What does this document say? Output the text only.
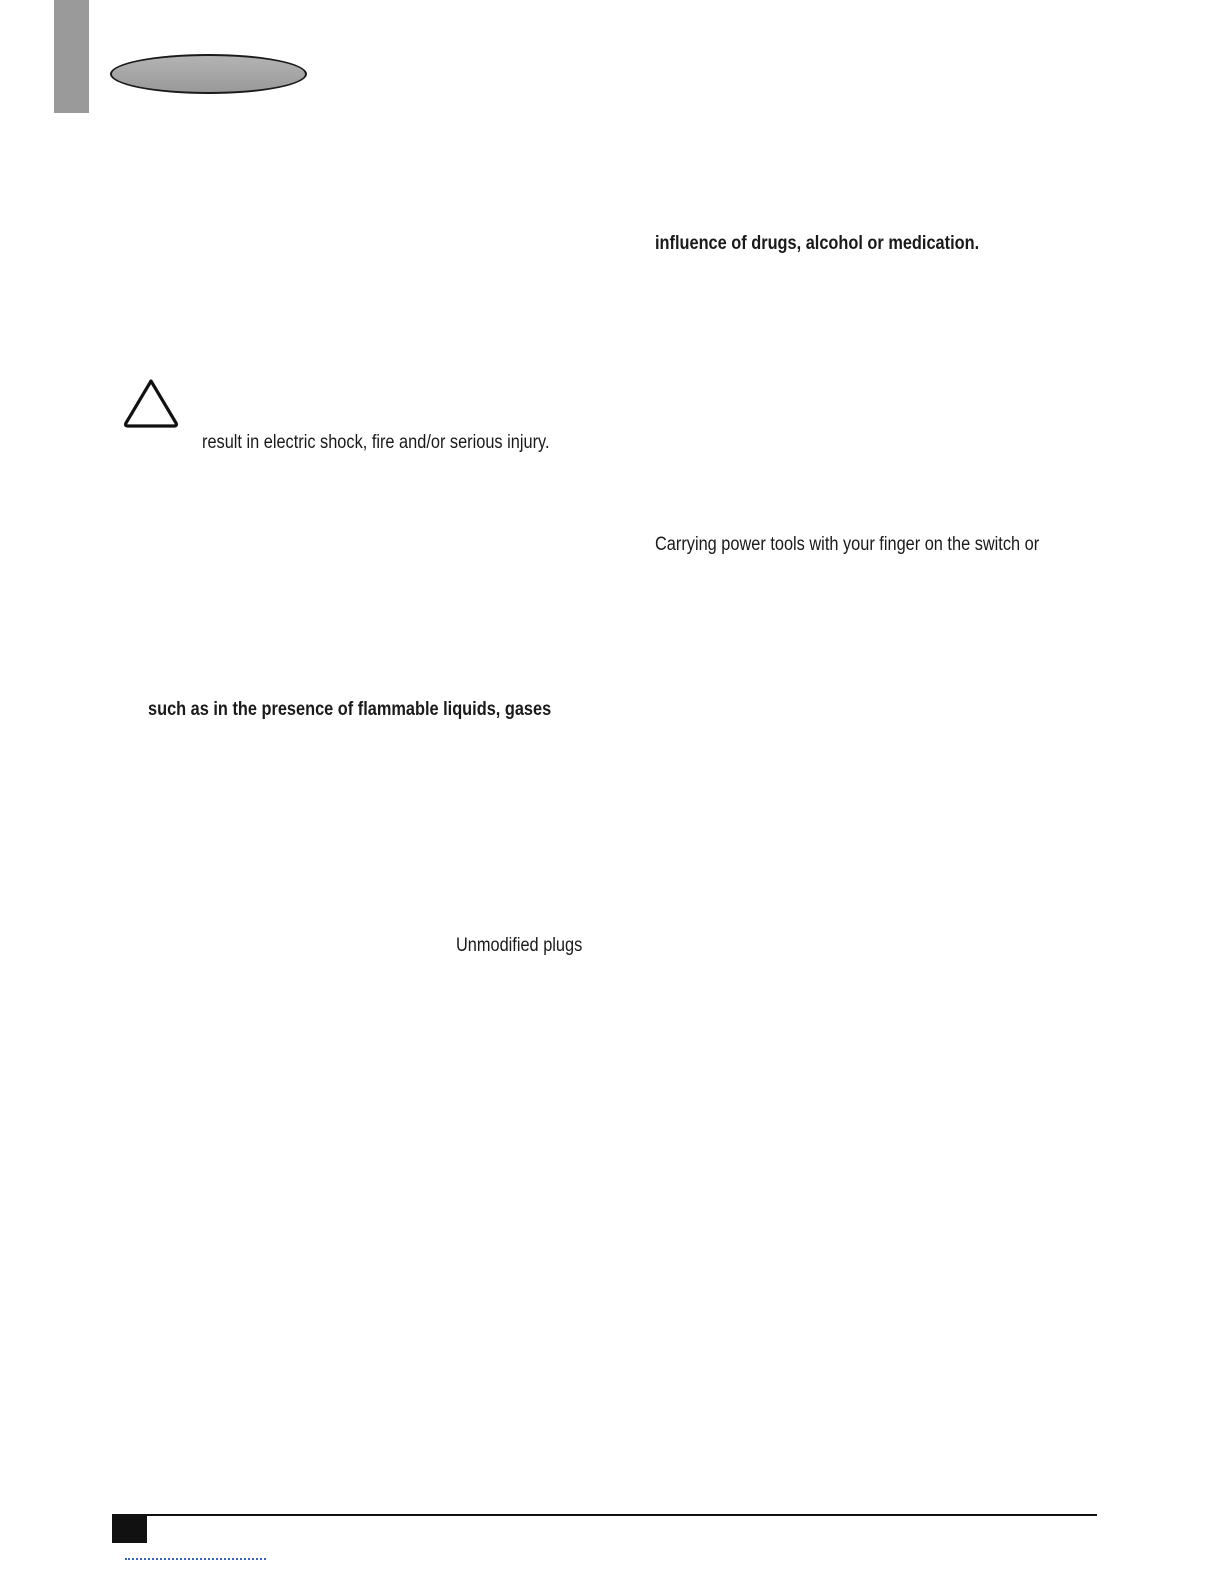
influence of drugs, alcohol or medication.
result in electric shock, fire and/or serious injury.
Carrying power tools with your finger on the switch or
such as in the presence of flammable liquids, gases
Unmodified plugs
